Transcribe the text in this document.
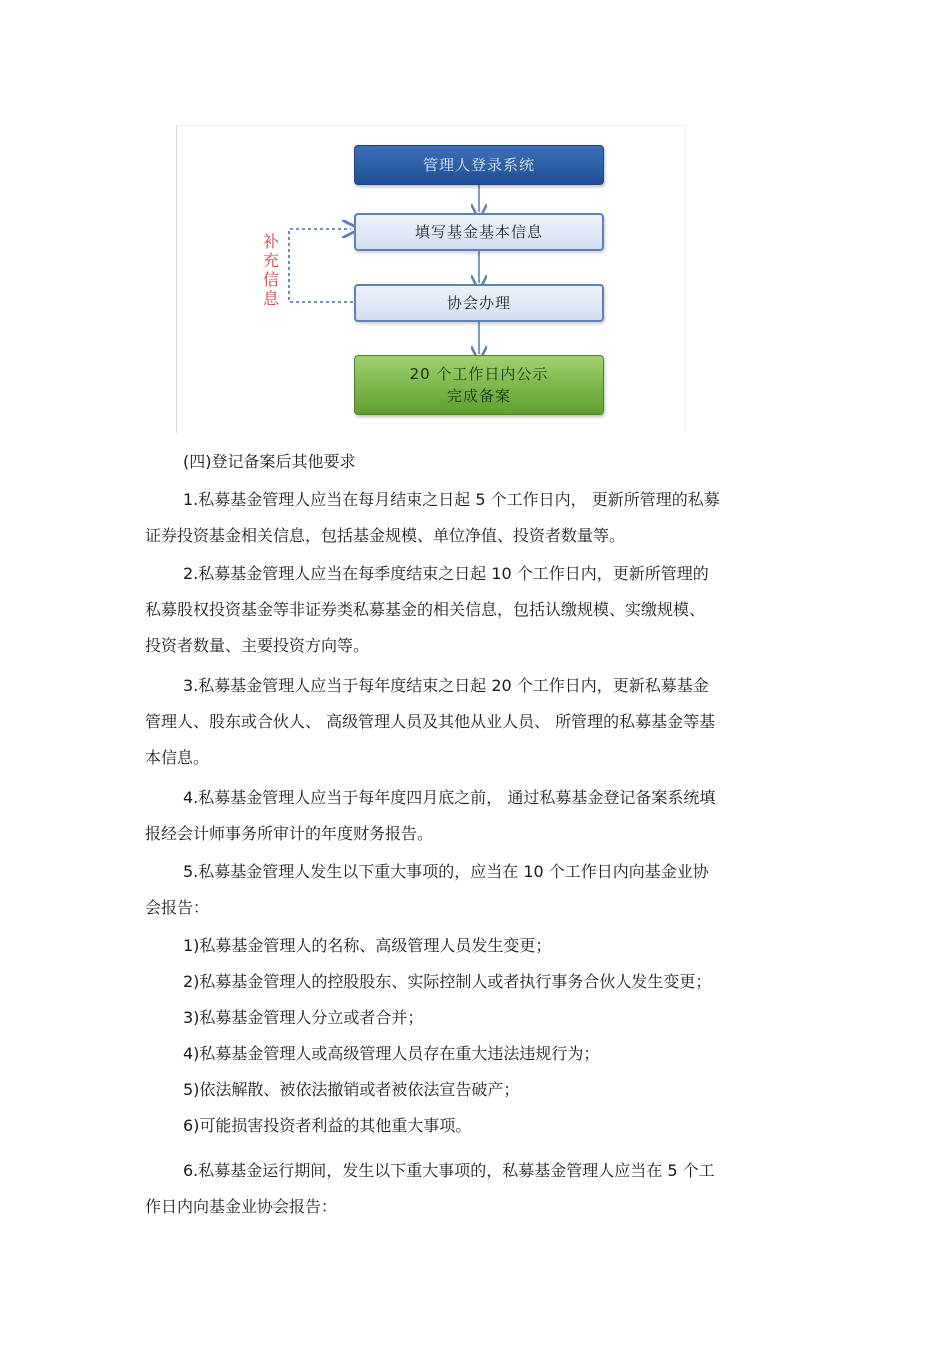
管理人登录系统
填写基金基本信息
协会办理
20 个工作日内公示
完成备案
补充信息

(四)登记备案后其他要求

1.私募基金管理人应当在每月结束之日起 5 个工作日内， 更新所管理的私募
证券投资基金相关信息，包括基金规模、单位净值、投资者数量等。

2.私募基金管理人应当在每季度结束之日起 10 个工作日内，更新所管理的
私募股权投资基金等非证券类私募基金的相关信息，包括认缴规模、实缴规模、
投资者数量、主要投资方向等。

3.私募基金管理人应当于每年度结束之日起 20 个工作日内，更新私募基金
管理人、股东或合伙人、 高级管理人员及其他从业人员、 所管理的私募基金等基
本信息。

4.私募基金管理人应当于每年度四月底之前， 通过私募基金登记备案系统填
报经会计师事务所审计的年度财务报告。

5.私募基金管理人发生以下重大事项的，应当在 10 个工作日内向基金业协
会报告：

1)私募基金管理人的名称、高级管理人员发生变更；
2)私募基金管理人的控股股东、实际控制人或者执行事务合伙人发生变更；
3)私募基金管理人分立或者合并；
4)私募基金管理人或高级管理人员存在重大违法违规行为；
5)依法解散、被依法撤销或者被依法宣告破产；
6)可能损害投资者利益的其他重大事项。

6.私募基金运行期间，发生以下重大事项的，私募基金管理人应当在 5 个工
作日内向基金业协会报告：
